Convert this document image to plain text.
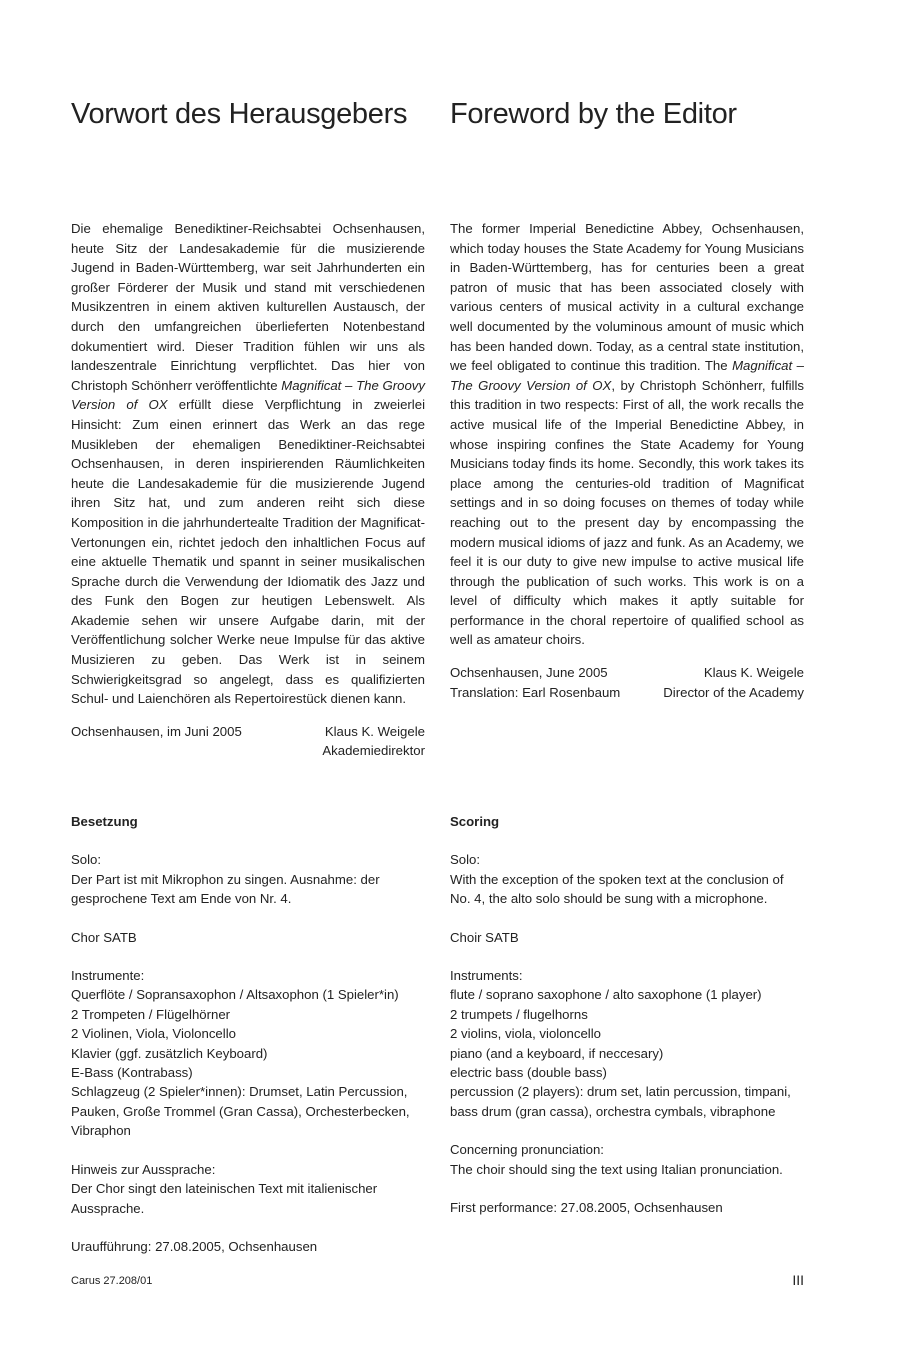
Vorwort des Herausgebers Foreword by the Editor

Die ehemalige Benediktiner-Reichsabtei Ochsenhausen, heute Sitz der Landesakademie für die musizierende Jugend in Baden-Württemberg, war seit Jahrhunderten ein großer Förderer der Musik und stand mit verschiedenen Musikzentren in einem aktiven kulturellen Austausch, der durch den umfangreichen überlieferten Notenbestand dokumentiert wird. Dieser Tradition fühlen wir uns als landeszentrale Einrichtung verpflichtet. Das hier von Christoph Schönherr veröffentlichte Magnificat – The Groovy Version of OX erfüllt diese Verpflichtung in zweierlei Hinsicht: Zum einen erinnert das Werk an das rege Musikleben der ehemaligen Benediktiner-Reichsabtei Ochsenhausen, in deren inspirierenden Räumlichkeiten heute die Landesakademie für die musizierende Jugend ihren Sitz hat, und zum anderen reiht sich diese Komposition in die jahrhundertealte Tradition der Magnificat-Vertonungen ein, richtet jedoch den inhaltlichen Focus auf eine aktuelle Thematik und spannt in seiner musikalischen Sprache durch die Verwendung der Idiomatik des Jazz und des Funk den Bogen zur heutigen Lebenswelt. Als Akademie sehen wir unsere Aufgabe darin, mit der Veröffentlichung solcher Werke neue Impulse für das aktive Musizieren zu geben. Das Werk ist in seinem Schwierigkeitsgrad so angelegt, dass es qualifizierten Schul- und Laienchören als Repertoirestück dienen kann.

Ochsenhausen, im Juni 2005	Klaus K. Weigele
Akademiedirektor

The former Imperial Benedictine Abbey, Ochsenhausen, which today houses the State Academy for Young Musicians in Baden-Württemberg, has for centuries been a great patron of music that has been associated closely with various centers of musical activity in a cultural exchange well documented by the voluminous amount of music which has been handed down. Today, as a central state institution, we feel obligated to continue this tradition. The Magnificat – The Groovy Version of OX, by Christoph Schönherr, fulfills this tradition in two respects: First of all, the work recalls the active musical life of the Imperial Benedictine Abbey, in whose inspiring confines the State Academy for Young Musicians today finds its home. Secondly, this work takes its place among the centuries-old tradition of Magnificat settings and in so doing focuses on themes of today while reaching out to the present day by encompassing the modern musical idioms of jazz and funk. As an Academy, we feel it is our duty to give new impulse to active musical life through the publication of such works. This work is on a level of difficulty which makes it aptly suitable for performance in the choral repertoire of qualified school as well as amateur choirs.

Ochsenhausen, June 2005
Translation: Earl Rosenbaum
Klaus K. Weigele
Director of the Academy
Besetzung
Solo:
Der Part ist mit Mikrophon zu singen. Ausnahme: der gesprochene Text am Ende von Nr. 4.
Chor SATB
Instrumente:
Querflöte / Sopransaxophon / Altsaxophon (1 Spieler*in)
2 Trompeten / Flügelhörner
2 Violinen, Viola, Violoncello
Klavier (ggf. zusätzlich Keyboard)
E-Bass (Kontrabass)
Schlagzeug (2 Spieler*innen): Drumset, Latin Percussion, Pauken, Große Trommel (Gran Cassa), Orchesterbecken, Vibraphon
Hinweis zur Aussprache:
Der Chor singt den lateinischen Text mit italienischer Aussprache.
Uraufführung: 27.08.2005, Ochsenhausen
Scoring
Solo:
With the exception of the spoken text at the conclusion of No. 4, the alto solo should be sung with a microphone.
Choir SATB
Instruments:
flute / soprano saxophone / alto saxophone (1 player)
2 trumpets / flugelhorns
2 violins, viola, violoncello
piano (and a keyboard, if neccesary)
electric bass (double bass)
percussion (2 players): drum set, latin percussion, timpani, bass drum (gran cassa), orchestra cymbals, vibraphone
Concerning pronunciation:
The choir should sing the text using Italian pronunciation.
First performance: 27.08.2005, Ochsenhausen
Carus 27.208/01	III
